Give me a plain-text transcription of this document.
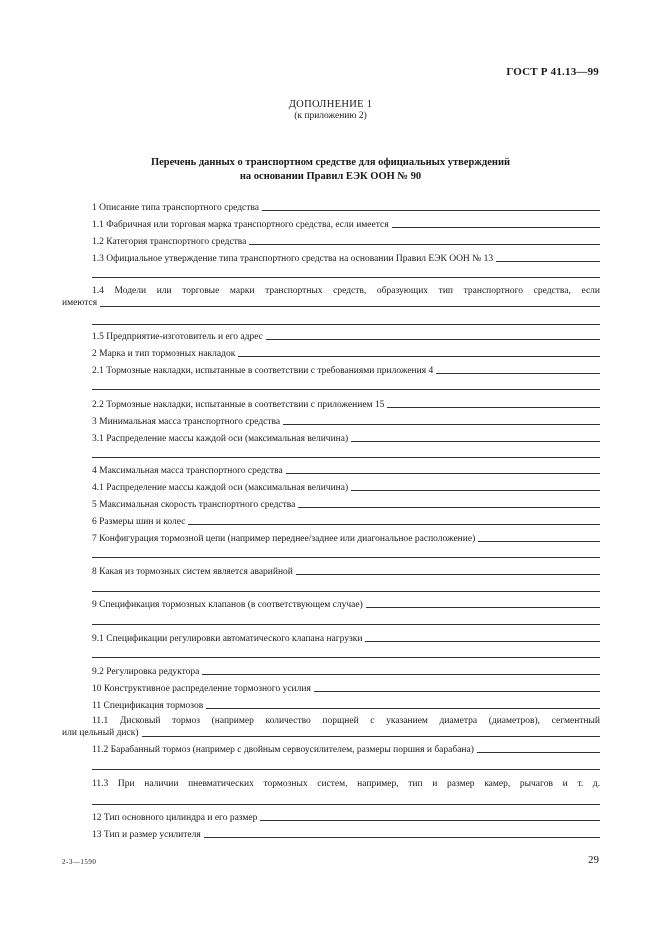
ГОСТ Р 41.13—99
ДОПОЛНЕНИЕ 1
(к приложению 2)
Перечень данных о транспортном средстве для официальных утверждений
на основании Правил ЕЭК ООН № 90
1 Описание типа транспортного средства
1.1 Фабричная или торговая марка транспортного средства, если имеется
1.2 Категория транспортного средства
1.3 Официальное утверждение типа транспортного средства на основании Правил ЕЭК ООН № 13
1.4 Модели или торговые марки транспортных средств, образующих тип транспортного средства, если
имеются
1.5 Предприятие-изготовитель и его адрес
2 Марка и тип тормозных накладок
2.1 Тормозные накладки, испытанные в соответствии с требованиями приложения 4
2.2 Тормозные накладки, испытанные в соответствии с приложением 15
3 Минимальная масса транспортного средства
3.1 Распределение массы каждой оси (максимальная величина)
4 Максимальная масса транспортного средства
4.1 Распределение массы каждой оси (максимальная величина)
5 Максимальная скорость транспортного средства
6 Размеры шин и колес
7 Конфигурация тормозной цепи (например переднее/заднее или диагональное расположение)
8 Какая из тормозных систем является аварийной
9 Спецификация тормозных клапанов (в соответствующем случае)
9.1 Спецификации регулировки автоматического клапана нагрузки
9.2 Регулировка редуктора
10 Конструктивное распределение тормозного усилия
11 Спецификация тормозов
11.1 Дисковый тормоз (например количество порщней с указанием диаметра (диаметров), сегментный
или цельный диск)
11.2 Барабанный тормоз (например с двойным сервоусилителем, размеры поршня и барабана)
11.3 При наличии пневматических тормозных систем, например, тип и размер камер, рычагов и т. д.
12 Тип основного цилиндра и его размер
13 Тип и размер усилителя
2-3—1590	29
